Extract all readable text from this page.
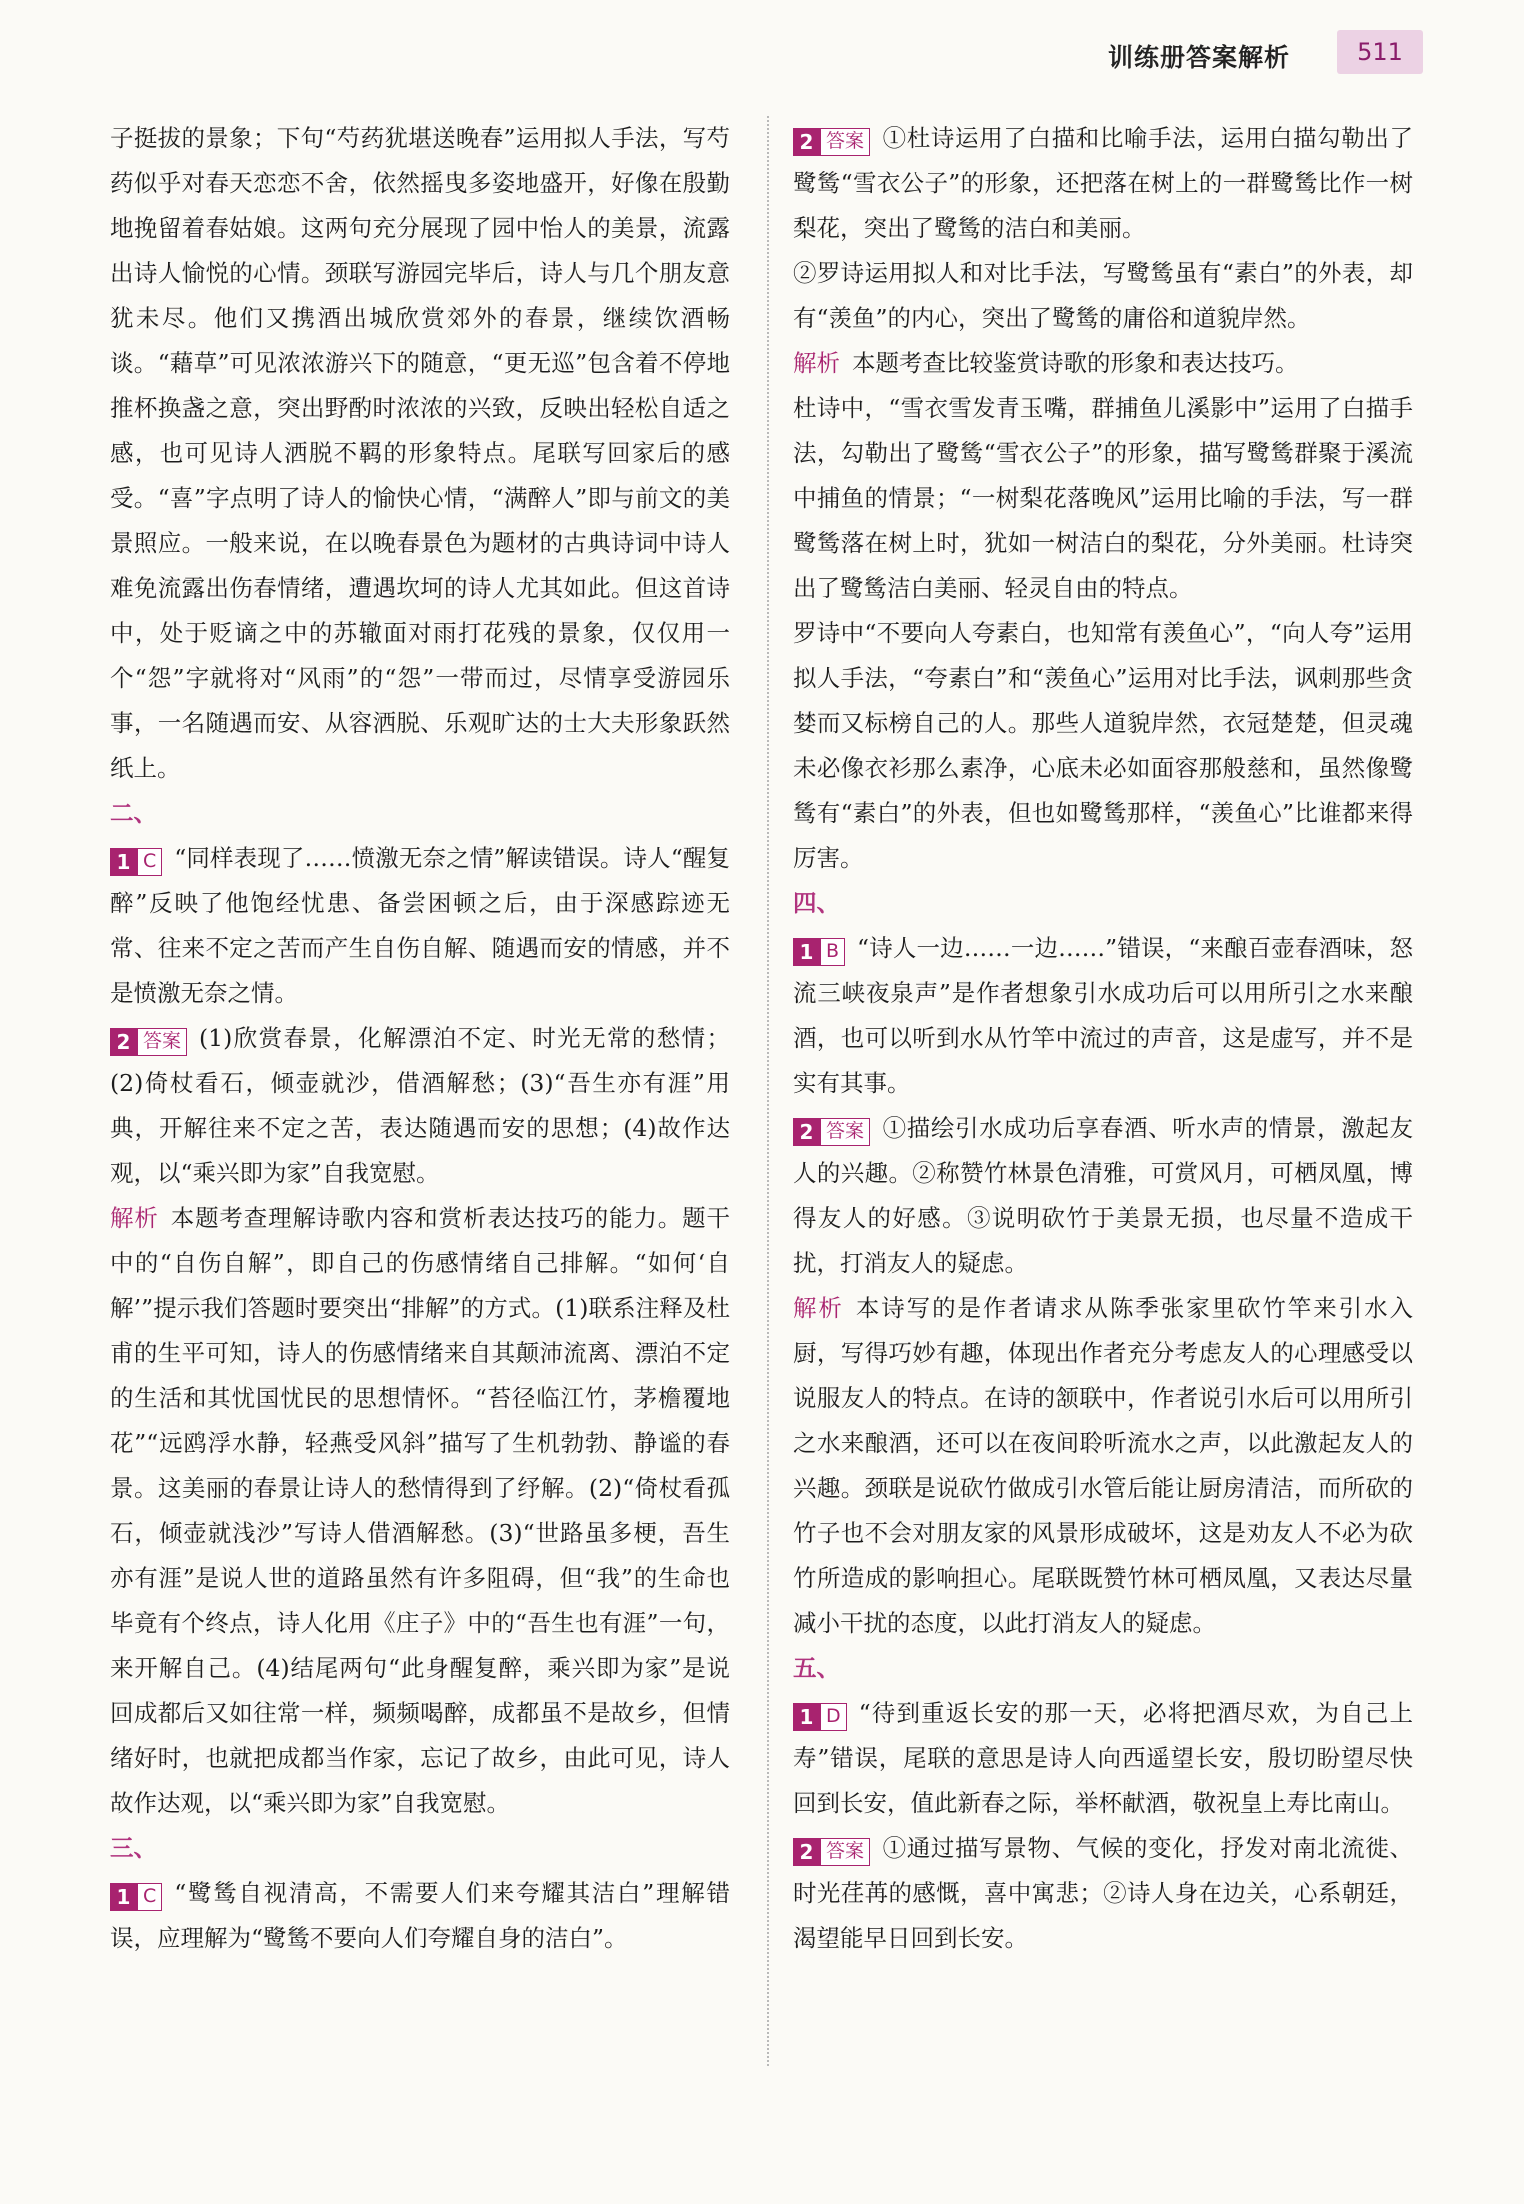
训练册答案解析	511

子挺拔的景象；下句“芍药犹堪送晚春”运用拟人手法，写芍药似乎对春天恋恋不舍，依然摇曳多姿地盛开，好像在殷勤地挽留着春姑娘。这两句充分展现了园中怡人的美景，流露出诗人愉悦的心情。颈联写游园完毕后，诗人与几个朋友意犹未尽。他们又携酒出城欣赏郊外的春景，继续饮酒畅谈。“藉草”可见浓浓游兴下的随意，“更无巡”包含着不停地推杯换盏之意，突出野酌时浓浓的兴致，反映出轻松自适之感，也可见诗人洒脱不羁的形象特点。尾联写回家后的感受。“喜”字点明了诗人的愉快心情，“满醉人”即与前文的美景照应。一般来说，在以晚春景色为题材的古典诗词中诗人难免流露出伤春情绪，遭遇坎坷的诗人尤其如此。但这首诗中，处于贬谪之中的苏辙面对雨打花残的景象，仅仅用一个“怨”字就将对“风雨”的“怨”一带而过，尽情享受游园乐事，一名随遇而安、从容洒脱、乐观旷达的士大夫形象跃然纸上。

二、

1 C “同样表现了……愤激无奈之情”解读错误。诗人“醒复醉”反映了他饱经忧患、备尝困顿之后，由于深感踪迹无常、往来不定之苦而产生自伤自解、随遇而安的情感，并不是愤激无奈之情。

2 答案 (1)欣赏春景，化解漂泊不定、时光无常的愁情；(2)倚杖看石，倾壶就沙，借酒解愁；(3)“吾生亦有涯”用典，开解往来不定之苦，表达随遇而安的思想；(4)故作达观，以“乘兴即为家”自我宽慰。

解析 本题考查理解诗歌内容和赏析表达技巧的能力。题干中的“自伤自解”，即自己的伤感情绪自己排解。“如何‘自解’”提示我们答题时要突出“排解”的方式。(1)联系注释及杜甫的生平可知，诗人的伤感情绪来自其颠沛流离、漂泊不定的生活和其忧国忧民的思想情怀。“苔径临江竹，茅檐覆地花”“远鸥浮水静，轻燕受风斜”描写了生机勃勃、静谧的春景。这美丽的春景让诗人的愁情得到了纾解。(2)“倚杖看孤石，倾壶就浅沙”写诗人借酒解愁。(3)“世路虽多梗，吾生亦有涯”是说人世的道路虽然有许多阻碍，但“我”的生命也毕竟有个终点，诗人化用《庄子》中的“吾生也有涯”一句，来开解自己。(4)结尾两句“此身醒复醉，乘兴即为家”是说回成都后又如往常一样，频频喝醉，成都虽不是故乡，但情绪好时，也就把成都当作家，忘记了故乡，由此可见，诗人故作达观，以“乘兴即为家”自我宽慰。

三、

1 C “鹭鸶自视清高，不需要人们来夸耀其洁白”理解错误，应理解为“鹭鸶不要向人们夸耀自身的洁白”。

2 答案 ①杜诗运用了白描和比喻手法，运用白描勾勒出了鹭鸶“雪衣公子”的形象，还把落在树上的一群鹭鸶比作一树梨花，突出了鹭鸶的洁白和美丽。

②罗诗运用拟人和对比手法，写鹭鸶虽有“素白”的外表，却有“羡鱼”的内心，突出了鹭鸶的庸俗和道貌岸然。

解析 本题考查比较鉴赏诗歌的形象和表达技巧。

杜诗中，“雪衣雪发青玉嘴，群捕鱼儿溪影中”运用了白描手法，勾勒出了鹭鸶“雪衣公子”的形象，描写鹭鸶群聚于溪流中捕鱼的情景；“一树梨花落晚风”运用比喻的手法，写一群鹭鸶落在树上时，犹如一树洁白的梨花，分外美丽。杜诗突出了鹭鸶洁白美丽、轻灵自由的特点。

罗诗中“不要向人夸素白，也知常有羡鱼心”，“向人夸”运用拟人手法，“夸素白”和“羡鱼心”运用对比手法，讽刺那些贪婪而又标榜自己的人。那些人道貌岸然，衣冠楚楚，但灵魂未必像衣衫那么素净，心底未必如面容那般慈和，虽然像鹭鸶有“素白”的外表，但也如鹭鸶那样，“羡鱼心”比谁都来得厉害。

四、

1 B “诗人一边……一边……”错误，“来酿百壶春酒味，怒流三峡夜泉声”是作者想象引水成功后可以用所引之水来酿酒，也可以听到水从竹竿中流过的声音，这是虚写，并不是实有其事。

2 答案 ①描绘引水成功后享春酒、听水声的情景，激起友人的兴趣。②称赞竹林景色清雅，可赏风月，可栖凤凰，博得友人的好感。③说明砍竹于美景无损，也尽量不造成干扰，打消友人的疑虑。

解析 本诗写的是作者请求从陈季张家里砍竹竿来引水入厨，写得巧妙有趣，体现出作者充分考虑友人的心理感受以说服友人的特点。在诗的颔联中，作者说引水后可以用所引之水来酿酒，还可以在夜间聆听流水之声，以此激起友人的兴趣。颈联是说砍竹做成引水管后能让厨房清洁，而所砍的竹子也不会对朋友家的风景形成破坏，这是劝友人不必为砍竹所造成的影响担心。尾联既赞竹林可栖凤凰，又表达尽量减小干扰的态度，以此打消友人的疑虑。

五、

1 D “待到重返长安的那一天，必将把酒尽欢，为自己上寿”错误，尾联的意思是诗人向西遥望长安，殷切盼望尽快回到长安，值此新春之际，举杯献酒，敬祝皇上寿比南山。

2 答案 ①通过描写景物、气候的变化，抒发对南北流徙、时光荏苒的感慨，喜中寓悲；②诗人身在边关，心系朝廷，渴望能早日回到长安。
